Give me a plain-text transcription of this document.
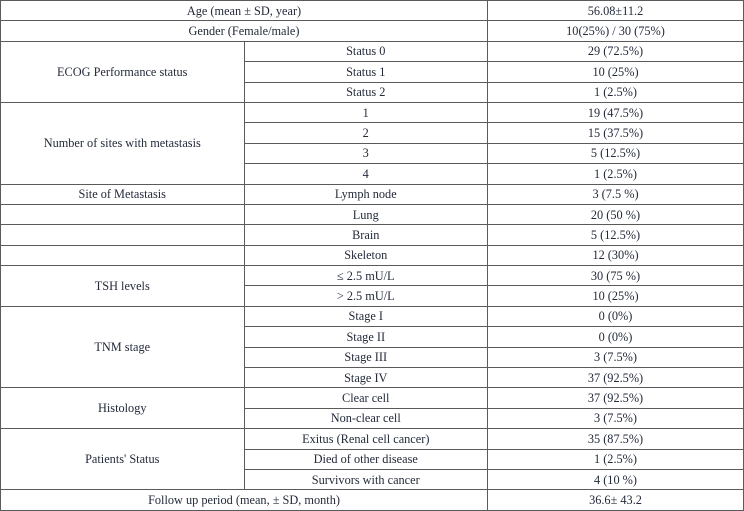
Age (mean ± SD, year)		56.08±11.2
Gender (Female/male)		10(25%) / 30 (75%)
ECOG Performance status	Status 0	29 (72.5%)
	Status 1	10 (25%)
	Status 2	1 (2.5%)
Number of sites with metastasis	1	19 (47.5%)
	2	15 (37.5%)
	3	5 (12.5%)
	4	1 (2.5%)
Site of Metastasis	Lymph node	3 (7.5 %)
	Lung	20 (50 %)
	Brain	5 (12.5%)
	Skeleton	12 (30%)
TSH levels	≤ 2.5 mU/L	30 (75 %)
	> 2.5 mU/L	10 (25%)
TNM stage	Stage I	0 (0%)
	Stage II	0 (0%)
	Stage III	3 (7.5%)
	Stage IV	37 (92.5%)
Histology	Clear cell	37 (92.5%)
	Non-clear cell	3 (7.5%)
Patients' Status	Exitus (Renal cell cancer)	35 (87.5%)
	Died of other disease	1 (2.5%)
	Survivors with cancer	4 (10 %)
Follow up period (mean, ± SD, month)		36.6± 43.2
